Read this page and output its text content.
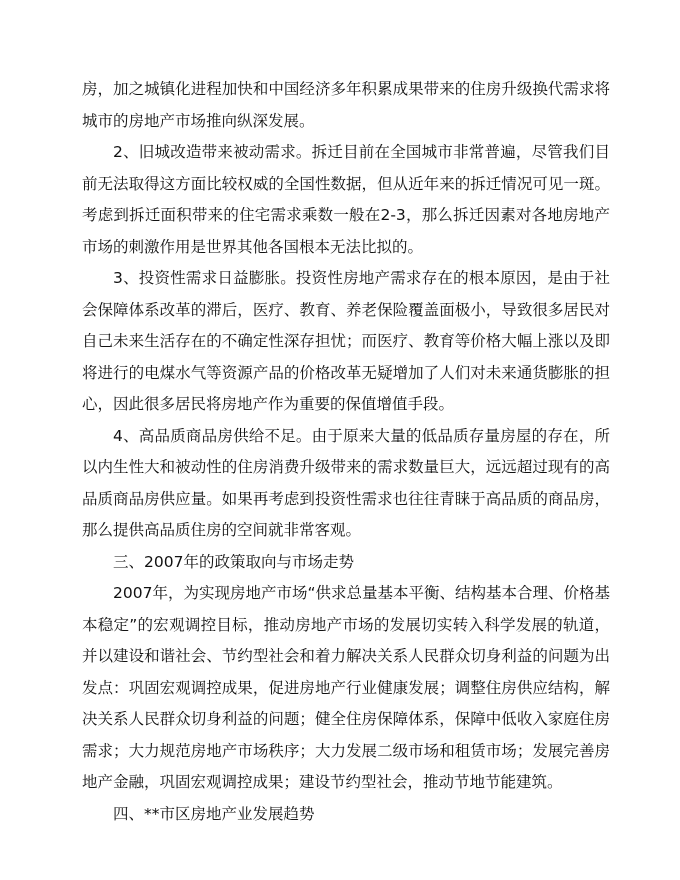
房，加之城镇化进程加快和中国经济多年积累成果带来的住房升级换代需求将城市的房地产市场推向纵深发展。

2、旧城改造带来被动需求。拆迁目前在全国城市非常普遍，尽管我们目前无法取得这方面比较权威的全国性数据，但从近年来的拆迁情况可见一斑。考虑到拆迁面积带来的住宅需求乘数一般在2-3，那么拆迁因素对各地房地产市场的刺激作用是世界其他各国根本无法比拟的。

3、投资性需求日益膨胀。投资性房地产需求存在的根本原因，是由于社会保障体系改革的滞后，医疗、教育、养老保险覆盖面极小，导致很多居民对自己未来生活存在的不确定性深存担忧；而医疗、教育等价格大幅上涨以及即将进行的电煤水气等资源产品的价格改革无疑增加了人们对未来通货膨胀的担心，因此很多居民将房地产作为重要的保值增值手段。

4、高品质商品房供给不足。由于原来大量的低品质存量房屋的存在，所以内生性大和被动性的住房消费升级带来的需求数量巨大，远远超过现有的高品质商品房供应量。如果再考虑到投资性需求也往往青睐于高品质的商品房，那么提供高品质住房的空间就非常客观。

三、2007年的政策取向与市场走势

2007年，为实现房地产市场“供求总量基本平衡、结构基本合理、价格基本稳定”的宏观调控目标，推动房地产市场的发展切实转入科学发展的轨道，并以建设和谐社会、节约型社会和着力解决关系人民群众切身利益的问题为出发点：巩固宏观调控成果，促进房地产行业健康发展；调整住房供应结构，解决关系人民群众切身利益的问题；健全住房保障体系，保障中低收入家庭住房需求；大力规范房地产市场秩序；大力发展二级市场和租赁市场；发展完善房地产金融，巩固宏观调控成果；建设节约型社会，推动节地节能建筑。

四、**市区房地产业发展趋势
